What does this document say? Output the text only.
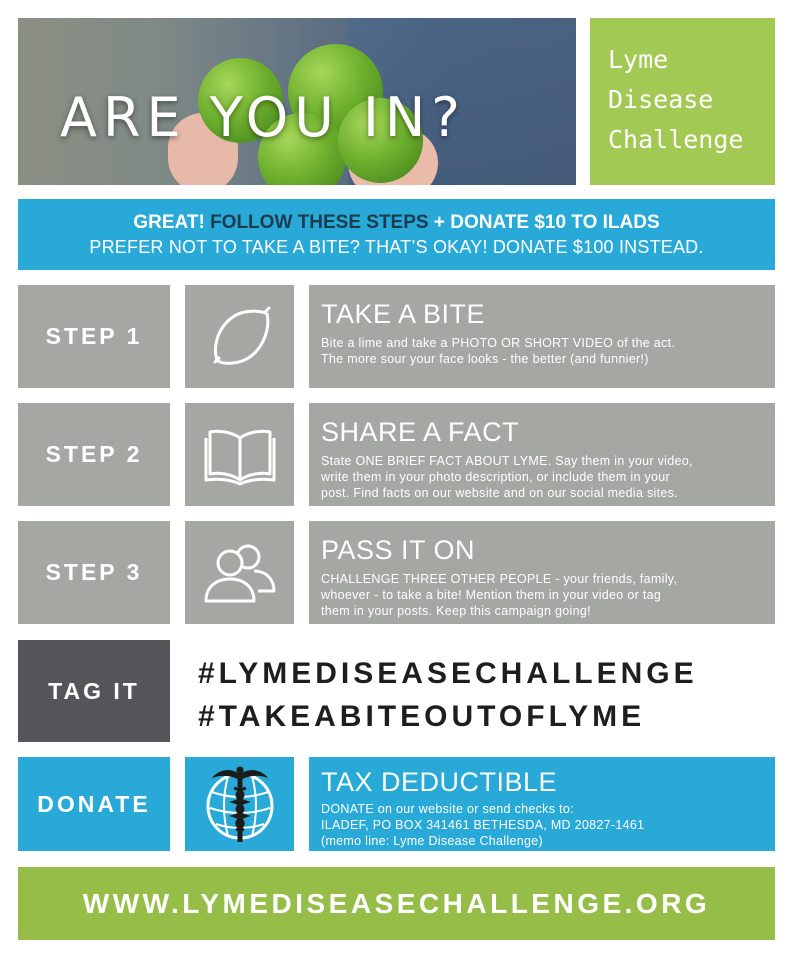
ARE YOU IN?
Lyme
Disease
Challenge
GREAT! FOLLOW THESE STEPS + DONATE $10 TO ILADS
PREFER NOT TO TAKE A BITE? THAT’S OKAY! DONATE $100 INSTEAD.
STEP 1
TAKE A BITE
Bite a lime and take a PHOTO OR SHORT VIDEO of the act.
The more sour your face looks - the better (and funnier!)
STEP 2
SHARE A FACT
State ONE BRIEF FACT ABOUT LYME. Say them in your video,
write them in your photo description, or include them in your
post. Find facts on our website and on our social media sites.
STEP 3
PASS IT ON
CHALLENGE THREE OTHER PEOPLE - your friends, family,
whoever - to take a bite! Mention them in your video or tag
them in your posts. Keep this campaign going!
TAG IT
#LYMEDISEASECHALLENGE
#TAKEABITEOUTOFLYME
DONATE
TAX DEDUCTIBLE
DONATE on our website or send checks to:
ILADEF, PO BOX 341461 BETHESDA, MD 20827-1461
(memo line: Lyme Disease Challenge)
WWW.LYMEDISEASECHALLENGE.ORG
